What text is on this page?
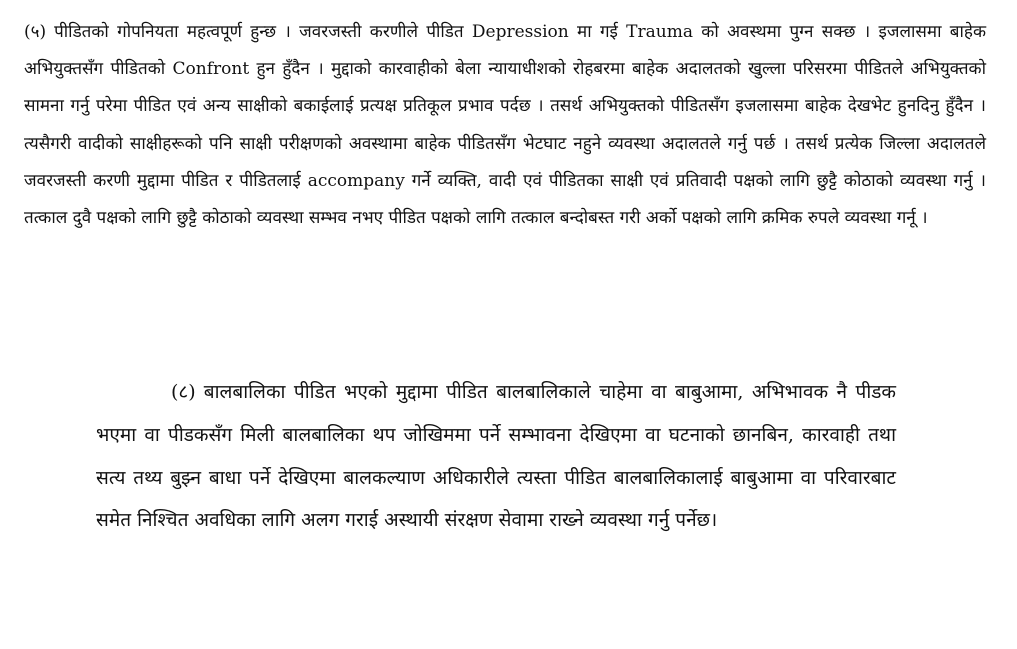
(५) पीडितको गोपनियता महत्वपूर्ण हुन्छ । जवरजस्ती करणीले पीडित Depression मा गई Trauma को अवस्थमा पुग्न सक्छ । इजलासमा बाहेक अभियुक्तसँग पीडितको Confront हुन हुँदैन । मुद्दाको कारवाहीको बेला न्यायाधीशको रोहबरमा बाहेक अदालतको खुल्ला परिसरमा पीडितले अभियुक्तको सामना गर्नु परेमा पीडित एवं अन्य साक्षीको बकाईलाई प्रत्यक्ष प्रतिकूल प्रभाव पर्दछ । तसर्थ अभियुक्तको पीडितसँग इजलासमा बाहेक देखभेट हुनदिनु हुँदैन । त्यसैगरी वादीको साक्षीहरूको पनि साक्षी परीक्षणको अवस्थामा बाहेक पीडितसँग भेटघाट नहुने व्यवस्था अदालतले गर्नु पर्छ । तसर्थ प्रत्येक जिल्ला अदालतले जवरजस्ती करणी मुद्दामा पीडित र पीडितलाई accompany गर्ने व्यक्ति, वादी एवं पीडितका साक्षी एवं प्रतिवादी पक्षको लागि छुट्टै कोठाको व्यवस्था गर्नु । तत्काल दुवै पक्षको लागि छुट्टै कोठाको व्यवस्था सम्भव नभए पीडित पक्षको लागि तत्काल बन्दोबस्त गरी अर्को पक्षको लागि क्रमिक रुपले व्यवस्था गर्नू ।

(८) बालबालिका पीडित भएको मुद्दामा पीडित बालबालिकाले चाहेमा वा बाबुआमा, अभिभावक नै पीडक भएमा वा पीडकसँग मिली बालबालिका थप जोखिममा पर्ने सम्भावना देखिएमा वा घटनाको छानबिन, कारवाही तथा सत्य तथ्य बुझ्न बाधा पर्ने देखिएमा बालकल्याण अधिकारीले त्यस्ता पीडित बालबालिकालाई बाबुआमा वा परिवारबाट समेत निश्चित अवधिका लागि अलग गराई अस्थायी संरक्षण सेवामा राख्ने व्यवस्था गर्नु पर्नेछ।
